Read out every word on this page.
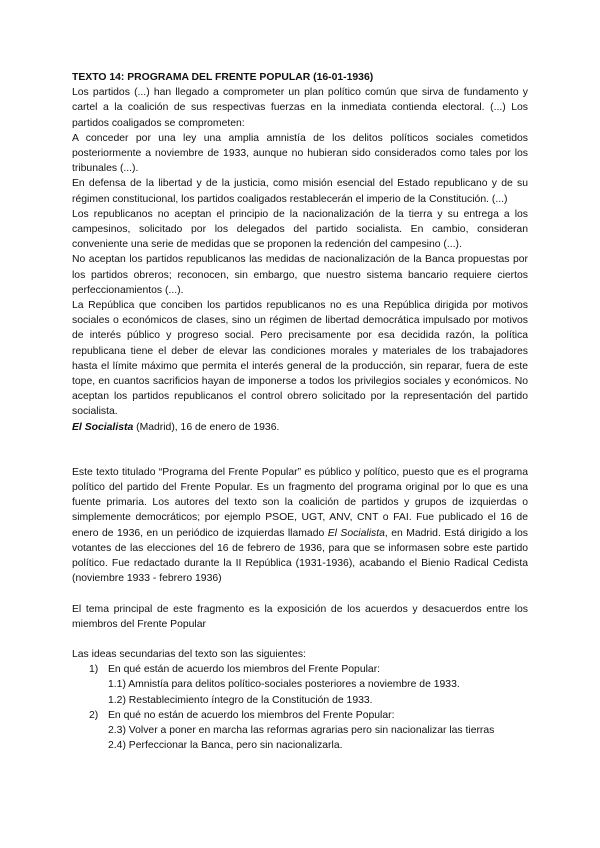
TEXTO 14: PROGRAMA DEL FRENTE POPULAR (16-01-1936)

Los partidos (...) han llegado a comprometer un plan político común que sirva de fundamento y cartel a la coalición de sus respectivas fuerzas en la inmediata contienda electoral. (...) Los partidos coaligados se comprometen:

A conceder por una ley una amplia amnistía de los delitos políticos sociales cometidos posteriormente a noviembre de 1933, aunque no hubieran sido considerados como tales por los tribunales (...).

En defensa de la libertad y de la justicia, como misión esencial del Estado republicano y de su régimen constitucional, los partidos coaligados restablecerán el imperio de la Constitución. (...)

Los republicanos no aceptan el principio de la nacionalización de la tierra y su entrega a los campesinos, solicitado por los delegados del partido socialista. En cambio, consideran conveniente una serie de medidas que se proponen la redención del campesino (...).

No aceptan los partidos republicanos las medidas de nacionalización de la Banca propuestas por los partidos obreros; reconocen, sin embargo, que nuestro sistema bancario requiere ciertos perfeccionamientos (...).

La República que conciben los partidos republicanos no es una República dirigida por motivos sociales o económicos de clases, sino un régimen de libertad democrática impulsado por motivos de interés público y progreso social. Pero precisamente por esa decidida razón, la política republicana tiene el deber de elevar las condiciones morales y materiales de los trabajadores hasta el límite máximo que permita el interés general de la producción, sin reparar, fuera de este tope, en cuantos sacrificios hayan de imponerse a todos los privilegios sociales y económicos. No aceptan los partidos republicanos el control obrero solicitado por la representación del partido socialista.

El Socialista (Madrid), 16 de enero de 1936.

Este texto titulado “Programa del Frente Popular” es público y político, puesto que es el programa político del partido del Frente Popular. Es un fragmento del programa original por lo que es una fuente primaria. Los autores del texto son la coalición de partidos y grupos de izquierdas o simplemente democráticos; por ejemplo PSOE, UGT, ANV, CNT o FAI. Fue publicado el 16 de enero de 1936, en un periódico de izquierdas llamado El Socialista, en Madrid. Está dirigido a los votantes de las elecciones del 16 de febrero de 1936, para que se informasen sobre este partido político. Fue redactado durante la II República (1931-1936), acabando el Bienio Radical Cedista (noviembre 1933 - febrero 1936)

El tema principal de este fragmento es la exposición de los acuerdos y desacuerdos entre los miembros del Frente Popular

Las ideas secundarias del texto son las siguientes:

1) En qué están de acuerdo los miembros del Frente Popular:
1.1) Amnistía para delitos político-sociales posteriores a noviembre de 1933.
1.2) Restablecimiento íntegro de la Constitución de 1933.
2) En qué no están de acuerdo los miembros del Frente Popular:
2.3) Volver a poner en marcha las reformas agrarias pero sin nacionalizar las tierras
2.4) Perfeccionar la Banca, pero sin nacionalizarla.
